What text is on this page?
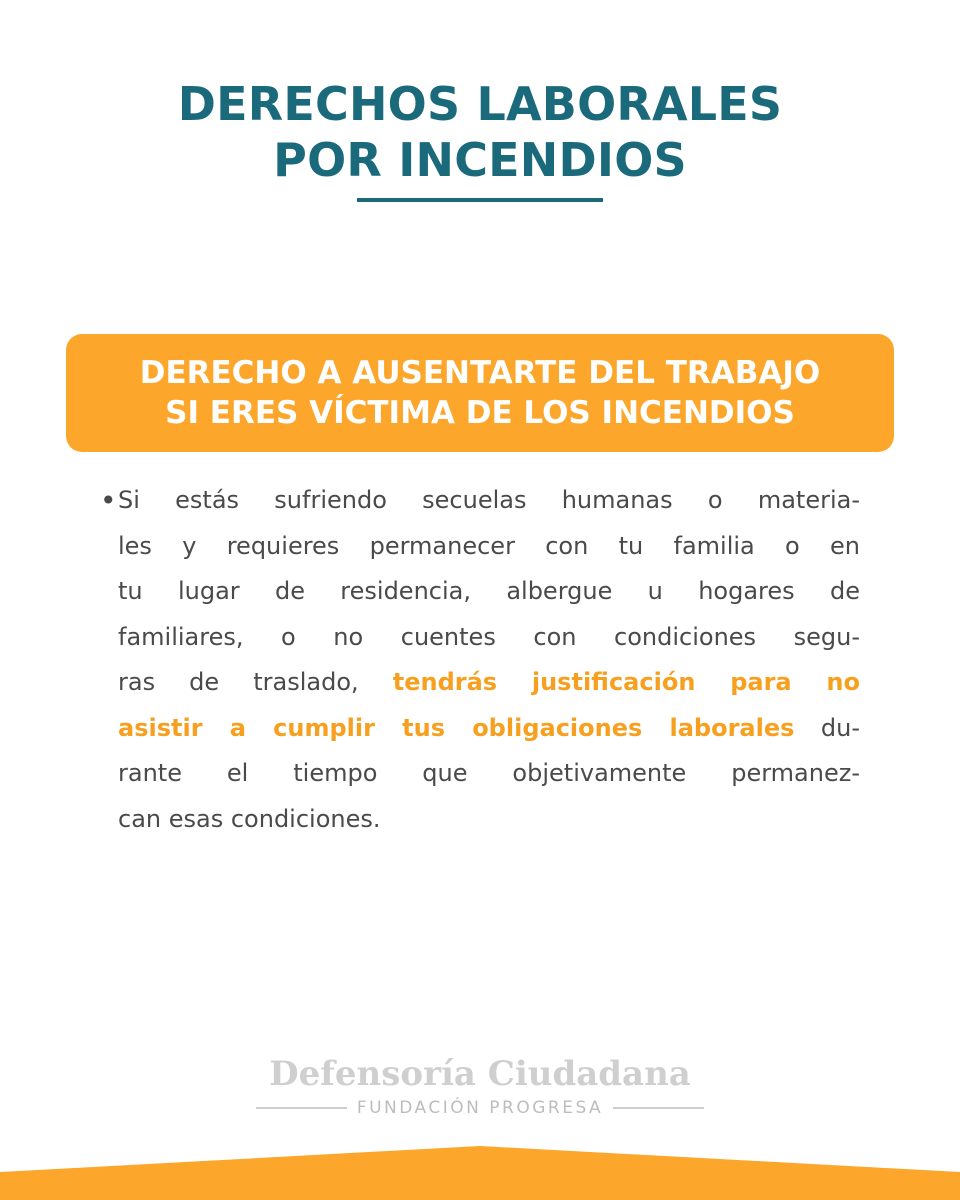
DERECHOS LABORALES
POR INCENDIOS
DERECHO A AUSENTARTE DEL TRABAJO
SI ERES VÍCTIMA DE LOS INCENDIOS
• Si estás sufriendo secuelas humanas o materia-
les y requieres permanecer con tu familia o en
tu lugar de residencia, albergue u hogares de
familiares, o no cuentes con condiciones segu-
ras de traslado, tendrás justificación para no
asistir a cumplir tus obligaciones laborales du-
rante el tiempo que objetivamente permanez-
can esas condiciones.
Defensoría Ciudadana
FUNDACIÓN PROGRESA
